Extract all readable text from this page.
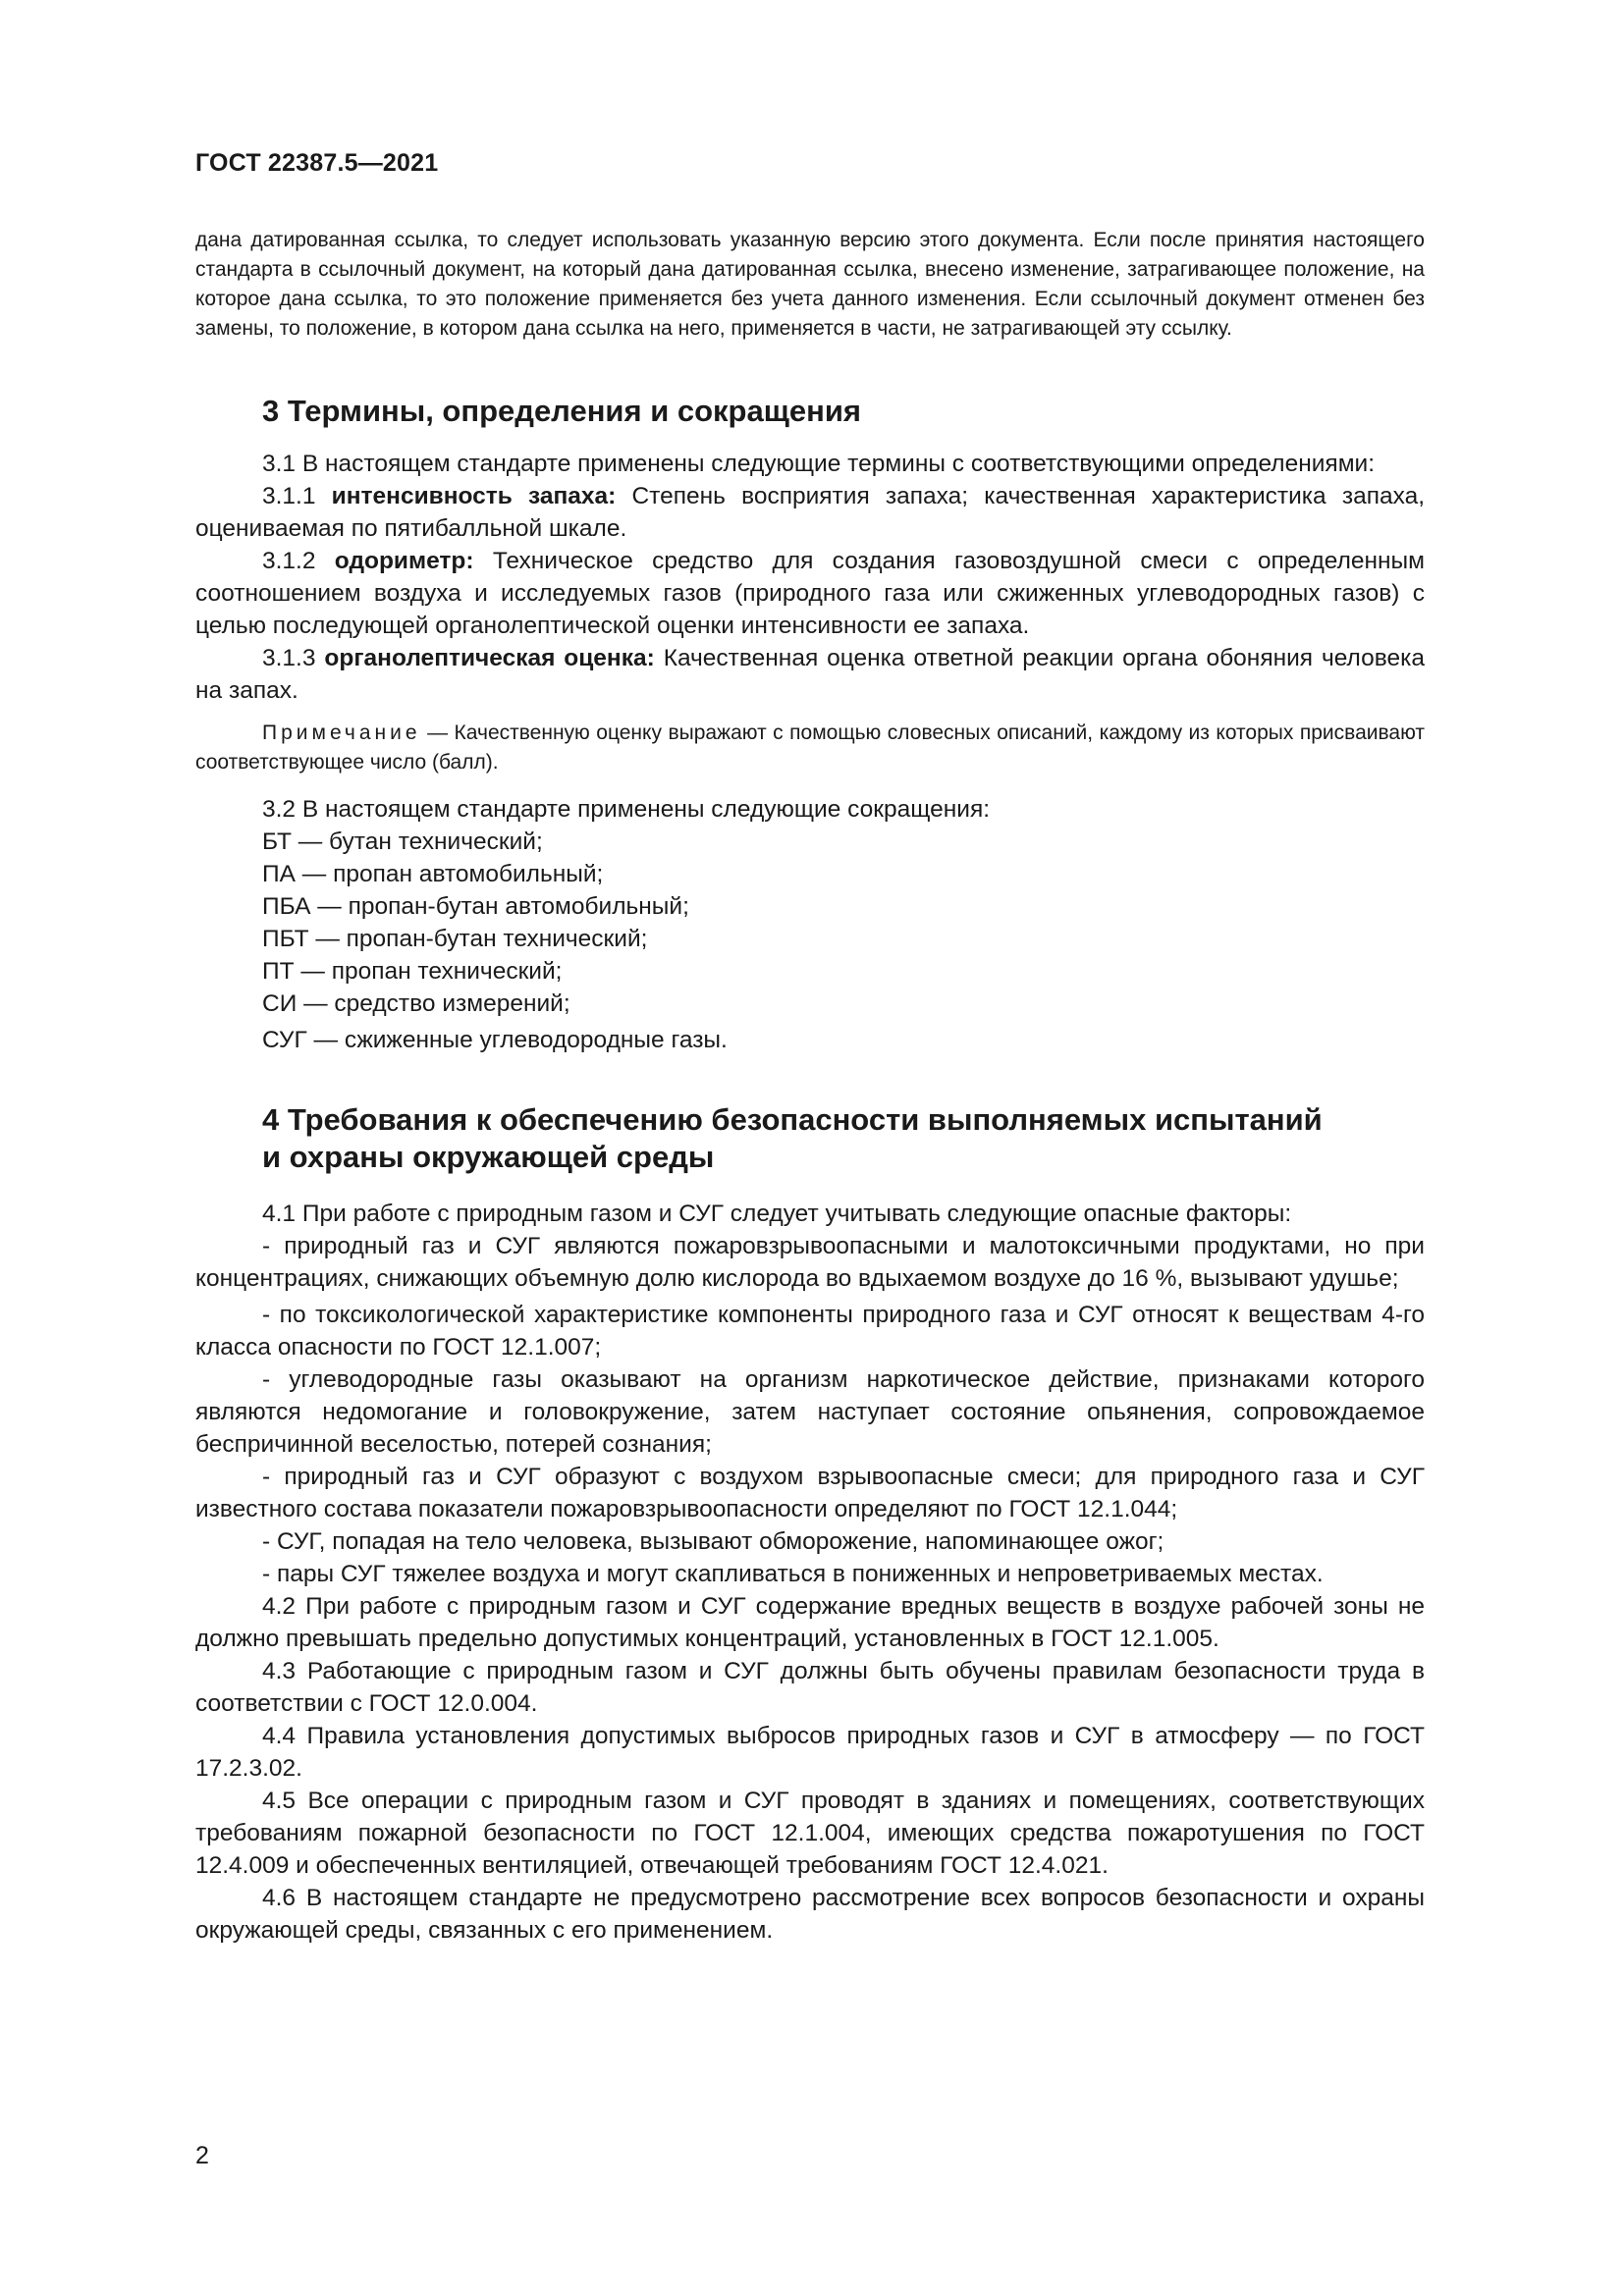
ГОСТ 22387.5—2021

дана датированная ссылка, то следует использовать указанную версию этого документа. Если после принятия настоящего стандарта в ссылочный документ, на который дана датированная ссылка, внесено изменение, затрагивающее положение, на которое дана ссылка, то это положение применяется без учета данного изменения. Если ссылочный документ отменен без замены, то положение, в котором дана ссылка на него, применяется в части, не затрагивающей эту ссылку.

3 Термины, определения и сокращения

3.1 В настоящем стандарте применены следующие термины с соответствующими определениями:

3.1.1 интенсивность запаха: Степень восприятия запаха; качественная характеристика запаха, оцениваемая по пятибалльной шкале.

3.1.2 одориметр: Техническое средство для создания газовоздушной смеси с определенным соотношением воздуха и исследуемых газов (природного газа или сжиженных углеводородных газов) с целью последующей органолептической оценки интенсивности ее запаха.

3.1.3 органолептическая оценка: Качественная оценка ответной реакции органа обоняния человека на запах.

Примечание — Качественную оценку выражают с помощью словесных описаний, каждому из которых присваивают соответствующее число (балл).

3.2 В настоящем стандарте применены следующие сокращения:

БТ — бутан технический;

ПА — пропан автомобильный;

ПБА — пропан-бутан автомобильный;

ПБТ — пропан-бутан технический;

ПТ — пропан технический;

СИ — средство измерений;

СУГ — сжиженные углеводородные газы.

4 Требования к обеспечению безопасности выполняемых испытаний

и охраны окружающей среды

4.1 При работе с природным газом и СУГ следует учитывать следующие опасные факторы:

- природный газ и СУГ являются пожаровзрывоопасными и малотоксичными продуктами, но при концентрациях, снижающих объемную долю кислорода во вдыхаемом воздухе до 16 %, вызывают удушье;

- по токсикологической характеристике компоненты природного газа и СУГ относят к веществам 4-го класса опасности по ГОСТ 12.1.007;

- углеводородные газы оказывают на организм наркотическое действие, признаками которого являются недомогание и головокружение, затем наступает состояние опьянения, сопровождаемое беспричинной веселостью, потерей сознания;

- природный газ и СУГ образуют с воздухом взрывоопасные смеси; для природного газа и СУГ известного состава показатели пожаровзрывоопасности определяют по ГОСТ 12.1.044;

- СУГ, попадая на тело человека, вызывают обморожение, напоминающее ожог;

- пары СУГ тяжелее воздуха и могут скапливаться в пониженных и непроветриваемых местах.

4.2 При работе с природным газом и СУГ содержание вредных веществ в воздухе рабочей зоны не должно превышать предельно допустимых концентраций, установленных в ГОСТ 12.1.005.

4.3 Работающие с природным газом и СУГ должны быть обучены правилам безопасности труда в соответствии с ГОСТ 12.0.004.

4.4 Правила установления допустимых выбросов природных газов и СУГ в атмосферу — по ГОСТ 17.2.3.02.

4.5 Все операции с природным газом и СУГ проводят в зданиях и помещениях, соответствующих требованиям пожарной безопасности по ГОСТ 12.1.004, имеющих средства пожаротушения по ГОСТ 12.4.009 и обеспеченных вентиляцией, отвечающей требованиям ГОСТ 12.4.021.

4.6 В настоящем стандарте не предусмотрено рассмотрение всех вопросов безопасности и охраны окружающей среды, связанных с его применением.

2
